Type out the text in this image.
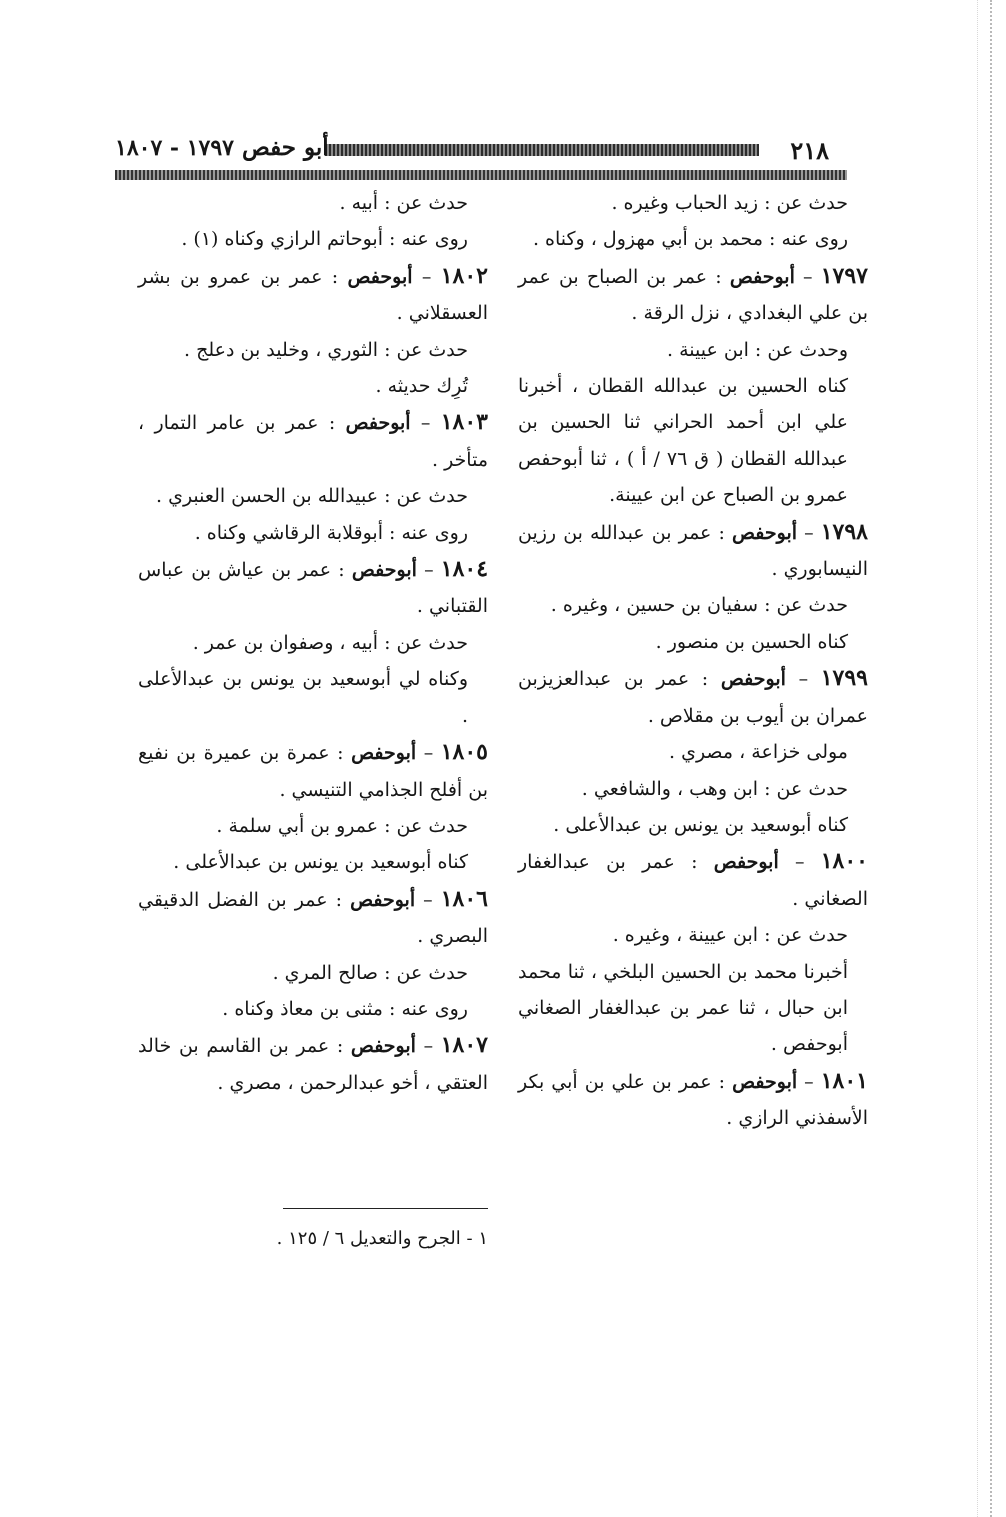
٢١٨
أبو حفص١٧٩٧ - ١٨٠٧

حدث عن : زيد الحباب وغيره .

روى عنه : محمد بن أبي مهزول ، وكناه .

١٧٩٧ – أبوحفص : عمر بن الصباح بن عمر بن علي البغدادي ، نزل الرقة .

وحدث عن : ابن عيينة .

كناه الحسين بن عبدالله القطان ، أخبرنا علي ابن أحمد الحراني ثنا الحسين بن عبدالله القطان ( ق ٧٦ / أ ) ، ثنا أبوحفص عمرو بن الصباح عن ابن عيينة.

١٧٩٨ – أبوحفص : عمر بن عبدالله بن رزين النيسابوري .

حدث عن : سفيان بن حسين ، وغيره .

كناه الحسين بن منصور .

١٧٩٩ – أبوحفص : عمر بن عبدالعزيزبن عمران بن أيوب بن مقلاص .

مولى خزاعة ، مصري .

حدث عن : ابن وهب ، والشافعي .

كناه أبوسعيد بن يونس بن عبدالأعلى .

١٨٠٠ – أبوحفص : عمر بن عبدالغفار الصغاني .

حدث عن : ابن عيينة ، وغيره .

أخبرنا محمد بن الحسين البلخي ، ثنا محمد ابن حبال ، ثنا عمر بن عبدالغفار الصغاني أبوحفص .

١٨٠١ – أبوحفص : عمر بن علي بن أبي بكر الأسفذني الرازي .

حدث عن : أبيه .

روى عنه : أبوحاتم الرازي وكناه (١) .

١٨٠٢ – أبوحفص : عمر بن عمرو بن بشر العسقلاني .

حدث عن : الثوري ، وخليد بن دعلج .

تُرِك حديثه .

١٨٠٣ – أبوحفص : عمر بن عامر التمار ، متأخر .

حدث عن : عبيدالله بن الحسن العنبري .

روى عنه : أبوقلابة الرقاشي وكناه .

١٨٠٤ – أبوحفص : عمر بن عياش بن عباس القتباني .

حدث عن : أبيه ، وصفوان بن عمر .

وكناه لي أبوسعيد بن يونس بن عبدالأعلى .

١٨٠٥ – أبوحفص : عمرة بن عميرة بن نفيع بن أفلح الجذامي التنيسي .

حدث عن : عمرو بن أبي سلمة .

كناه أبوسعيد بن يونس بن عبدالأعلى .

١٨٠٦ – أبوحفص : عمر بن الفضل الدقيقي البصري .

حدث عن : صالح المري .

روى عنه : مثنى بن معاذ وكناه .

١٨٠٧ – أبوحفص : عمر بن القاسم بن خالد العتقي ، أخو عبدالرحمن ، مصري .

١ - الجرح والتعديل ٦ / ١٢٥ .
